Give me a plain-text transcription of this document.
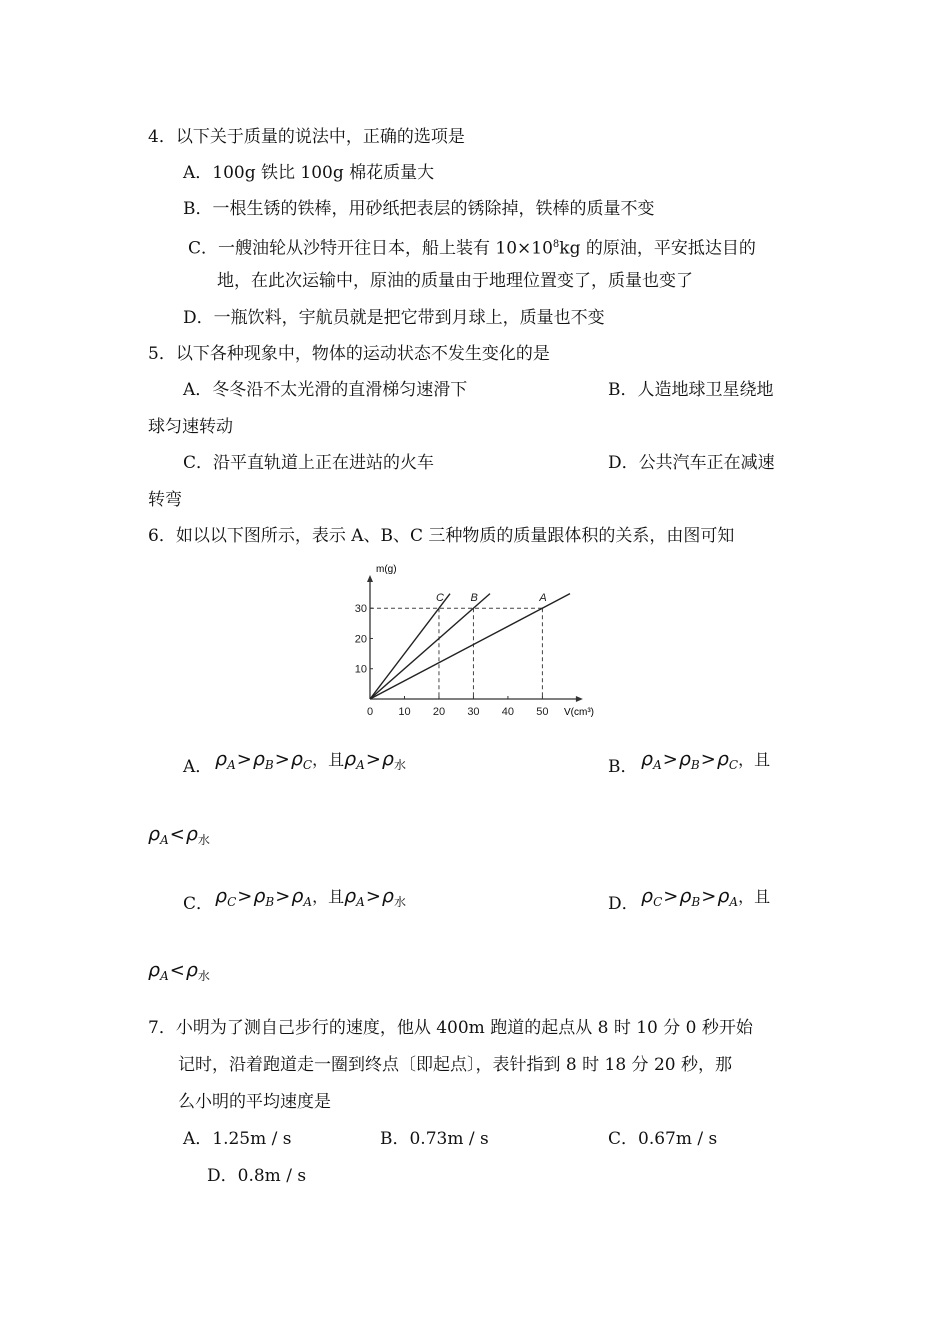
4．以下关于质量的说法中，正确的选项是
A．100g 铁比 100g 棉花质量大
B．一根生锈的铁棒，用砂纸把表层的锈除掉，铁棒的质量不变
C．一艘油轮从沙特开往日本，船上装有 $10\times 10^8kg$ 的原油，平安抵达目的
地，在此次运输中，原油的质量由于地理位置变了，质量也变了
D．一瓶饮料，宇航员就是把它带到月球上，质量也不变
5．以下各种现象中，物体的运动状态不发生变化的是
A．冬冬沿不太光滑的直滑梯匀速滑下	B．人造地球卫星绕地
球匀速转动
C．沿平直轨道上正在进站的火车	D．公共汽车正在减速
转弯
6．如以以下图所示，表示 A、B、C 三种物质的质量跟体积的关系，由图可知
C B	A
0 10 20 30 40 50
10
20
30
m(g)
V(cm³)
A． $\rho_A>\rho_B>\rho_C$，且$\rho_A>\rho_水$	B． $\rho_A>\rho_B>\rho_C$，且
$\rho_A<\rho_水$
C． $\rho_C>\rho_B>\rho_A$，且$\rho_A>\rho_水$	D． $\rho_C>\rho_B>\rho_A$，且
$\rho_A<\rho_水$
7．小明为了测自己步行的速度，他从 400m 跑道的起点从 8 时 10 分 0 秒开始
记时，沿着跑道走一圈到终点〔即起点〕，表针指到 8 时 18 分 20 秒，那
么小明的平均速度是
A．1.25m / s	B．0.73m / s	C．0.67m / s
D．0.8m / s
